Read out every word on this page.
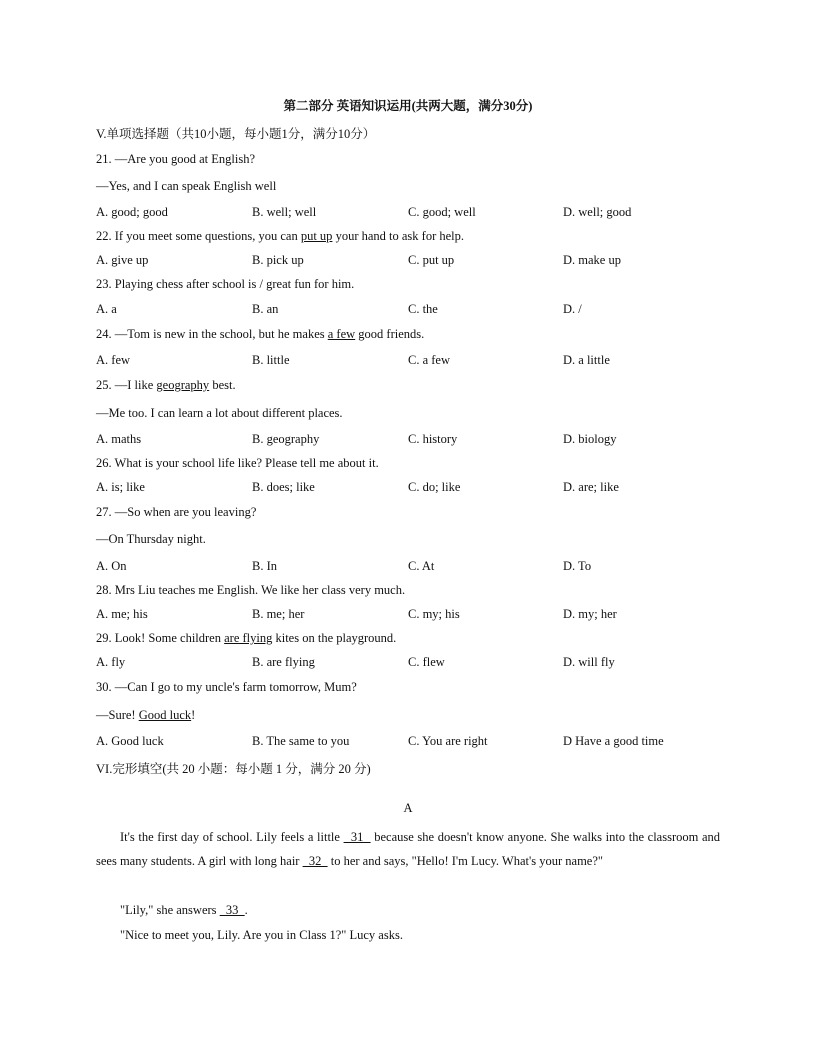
第二部分 英语知识运用(共两大题，满分30分)
V.单项选择题（共10小题，每小题1分，满分10分）
21. —Are you good at English?
—Yes, and I can speak English well
A. good; good	B. well; well	C. good; well	D. well; good
22. If you meet some questions, you can put up your hand to ask for help.
A. give up	B. pick up	C. put up	D. make up
23. Playing chess after school is / great fun for him.
A. a	B. an	C. the	D. /
24. —Tom is new in the school, but he makes a few good friends.
A. few	B. little	C. a few	D. a little
25. —I like geography best.
—Me too. I can learn a lot about different places.
A. maths	B. geography	C. history	D. biology
26. What is your school life like? Please tell me about it.
A. is; like	B. does; like	C. do; like	D. are; like
27. —So when are you leaving?
—On Thursday night.
A. On	B. In	C. At	D. To
28. Mrs Liu teaches me English. We like her class very much.
A. me; his	B. me; her	C. my; his	D. my; her
29. Look! Some children are flying kites on the playground.
A. fly	B. are flying	C. flew	D. will fly
30. —Can I go to my uncle's farm tomorrow, Mum?
—Sure! Good luck!
A. Good luck	B. The same to you	C. You are right	D Have a good time
VI.完形填空(共 20 小题：每小题 1 分，满分 20 分)
A
It's the first day of school. Lily feels a little   31   because she doesn't know anyone. She walks into the classroom and sees many students. A girl with long hair   32   to her and says, "Hello! I'm Lucy. What's your name?"
"Lily," she answers   33  .
"Nice to meet you, Lily. Are you in Class 1?" Lucy asks.
